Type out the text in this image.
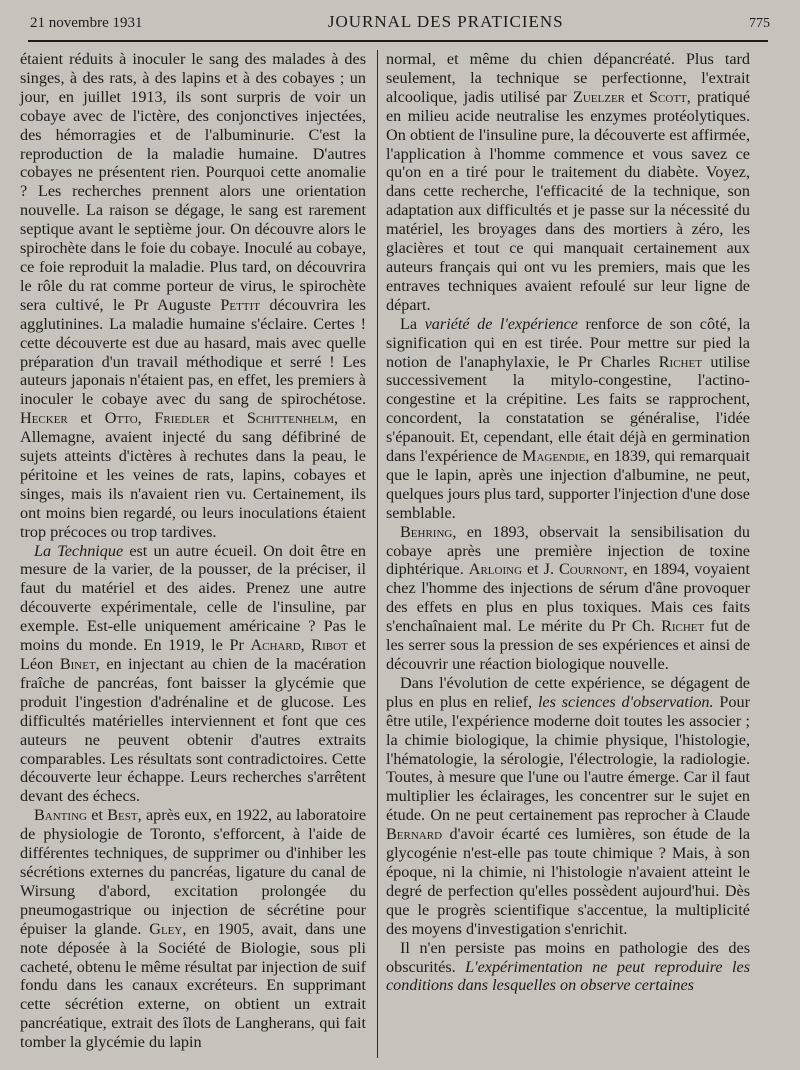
21 novembre 1931	JOURNAL DES PRATICIENS	775

étaient réduits à inoculer le sang des malades à des singes, à des rats, à des lapins et à des cobayes ; un jour, en juillet 1913, ils sont surpris de voir un cobaye avec de l'ictère, des conjonctives injectées, des hémorragies et de l'albuminurie. C'est la reproduction de la maladie humaine. D'autres cobayes ne présentent rien. Pourquoi cette anomalie ? Les recherches prennent alors une orientation nouvelle. La raison se dégage, le sang est rarement septique avant le septième jour. On découvre alors le spirochète dans le foie du cobaye. Inoculé au cobaye, ce foie reproduit la maladie. Plus tard, on découvrira le rôle du rat comme porteur de virus, le spirochète sera cultivé, le Pr Auguste Pettit découvrira les agglutinines. La maladie humaine s'éclaire. Certes ! cette découverte est due au hasard, mais avec quelle préparation d'un travail méthodique et serré ! Les auteurs japonais n'étaient pas, en effet, les premiers à inoculer le cobaye avec du sang de spirochétose. Hecker et Otto, Friedler et Schittenhelm, en Allemagne, avaient injecté du sang défibriné de sujets atteints d'ictères à rechutes dans la peau, le péritoine et les veines de rats, lapins, cobayes et singes, mais ils n'avaient rien vu. Certainement, ils ont moins bien regardé, ou leurs inoculations étaient trop précoces ou trop tardives.

La Technique est un autre écueil. On doit être en mesure de la varier, de la pousser, de la préciser, il faut du matériel et des aides. Prenez une autre découverte expérimentale, celle de l'insuline, par exemple. Est-elle uniquement américaine ? Pas le moins du monde. En 1919, le Pr Achard, Ribot et Léon Binet, en injectant au chien de la macération fraîche de pancréas, font baisser la glycémie que produit l'ingestion d'adrénaline et de glucose. Les difficultés matérielles interviennent et font que ces auteurs ne peuvent obtenir d'autres extraits comparables. Les résultats sont contradictoires. Cette découverte leur échappe. Leurs recherches s'arrêtent devant des échecs.

Banting et Best, après eux, en 1922, au laboratoire de physiologie de Toronto, s'efforcent, à l'aide de différentes techniques, de supprimer ou d'inhiber les sécrétions externes du pancréas, ligature du canal de Wirsung d'abord, excitation prolongée du pneumogastrique ou injection de sécrétine pour épuiser la glande. Gley, en 1905, avait, dans une note déposée à la Société de Biologie, sous pli cacheté, obtenu le même résultat par injection de suif fondu dans les canaux excréteurs. En supprimant cette sécrétion externe, on obtient un extrait pancréatique, extrait des îlots de Langherans, qui fait tomber la glycémie du lapin

normal, et même du chien dépancréaté. Plus tard seulement, la technique se perfectionne, l'extrait alcoolique, jadis utilisé par Zuelzer et Scott, pratiqué en milieu acide neutralise les enzymes protéolytiques. On obtient de l'insuline pure, la découverte est affirmée, l'application à l'homme commence et vous savez ce qu'on en a tiré pour le traitement du diabète. Voyez, dans cette recherche, l'efficacité de la technique, son adaptation aux difficultés et je passe sur la nécessité du matériel, les broyages dans des mortiers à zéro, les glacières et tout ce qui manquait certainement aux auteurs français qui ont vu les premiers, mais que les entraves techniques avaient refoulé sur leur ligne de départ.

La variété de l'expérience renforce de son côté, la signification qui en est tirée. Pour mettre sur pied la notion de l'anaphylaxie, le Pr Charles Richet utilise successivement la mitylo-congestine, l'actino-congestine et la crépitine. Les faits se rapprochent, concordent, la constatation se généralise, l'idée s'épanouit. Et, cependant, elle était déjà en germination dans l'expérience de Magendie, en 1839, qui remarquait que le lapin, après une injection d'albumine, ne peut, quelques jours plus tard, supporter l'injection d'une dose semblable.

Behring, en 1893, observait la sensibilisation du cobaye après une première injection de toxine diphtérique. Arloing et J. Cournont, en 1894, voyaient chez l'homme des injections de sérum d'âne provoquer des effets en plus en plus toxiques. Mais ces faits s'enchaînaient mal. Le mérite du Pr Ch. Richet fut de les serrer sous la pression de ses expériences et ainsi de découvrir une réaction biologique nouvelle.

Dans l'évolution de cette expérience, se dégagent de plus en plus en relief, les sciences d'observation. Pour être utile, l'expérience moderne doit toutes les associer ; la chimie biologique, la chimie physique, l'histologie, l'hématologie, la sérologie, l'électrologie, la radiologie. Toutes, à mesure que l'une ou l'autre émerge. Car il faut multiplier les éclairages, les concentrer sur le sujet en étude. On ne peut certainement pas reprocher à Claude Bernard d'avoir écarté ces lumières, son étude de la glycogénie n'est-elle pas toute chimique ? Mais, à son époque, ni la chimie, ni l'histologie n'avaient atteint le degré de perfection qu'elles possèdent aujourd'hui. Dès que le progrès scientifique s'accentue, la multiplicité des moyens d'investigation s'enrichit.

Il n'en persiste pas moins en pathologie des des obscurités. L'expérimentation ne peut reproduire les conditions dans lesquelles on observe certaines
